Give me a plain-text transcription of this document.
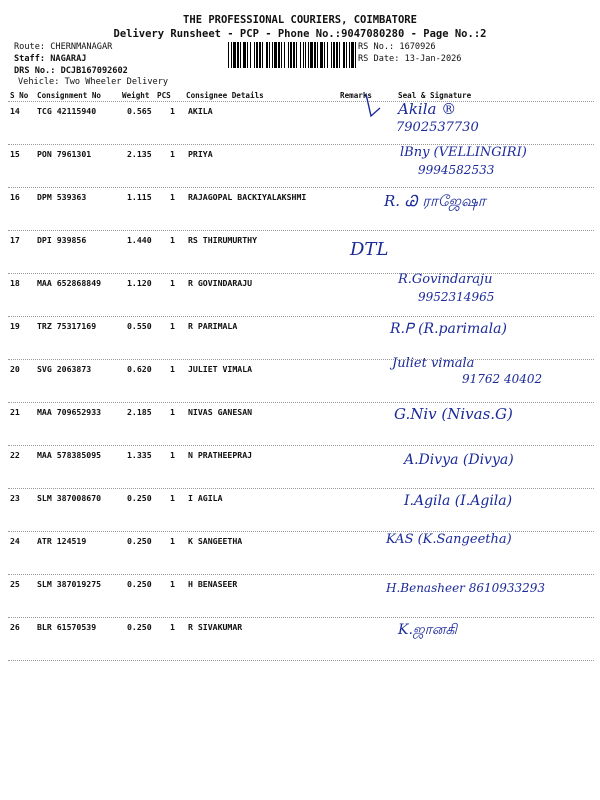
THE PROFESSIONAL COURIERS, COIMBATORE
Delivery Runsheet - PCP - Phone No.:9047080280 - Page No.:2
Route: CHERNMANAGAR
Staff: NAGARAJ
DRS No.: DCJB167092602
Vehicle: Two Wheeler Delivery
RS No.: 1670926
RS Date: 13-Jan-2026
S No Consignment No	Weight PCS Consignee Details	Remarks	Seal & Signature
14 TCG 42115940	0.565 1 AKILA	Akila ®
7902537730
15 PON 7961301	2.135 1 PRIYA	lBny (VELLINGIRI)
9994582533
16 DPM 539363	1.115 1 RAJAGOPAL BACKIYALAKSHMI	R. Ꮚ ராஜேஷா
17 DPI 939856	1.440 1 RS THIRUMURTHY	DTL
18 MAA 652868849	1.120 1 R GOVINDARAJU	R.Govindaraju
9952314965
19 TRZ 75317169	0.550 1 R PARIMALA	R.Ꮲ (R.parimala)
20 SVG 2063873	0.620 1 JULIET VIMALA	Juliet vimala
91762 40402
21 MAA 709652933	2.185 1 NIVAS GANESAN	G.Niv (Nivas.G)
22 MAA 578385095	1.335 1 N PRATHEEPRAJ	A.Divya (Divya)
23 SLM 387008670	0.250 1 I AGILA	I.Agila (I.Agila)
24 ATR 124519	0.250 1 K SANGEETHA	KAS (K.Sangeetha)
25 SLM 387019275	0.250 1 H BENASEER	H.Benasheer 8610933293
26 BLR 61570539	0.250 1 R SIVAKUMAR	K.ஜானகி
